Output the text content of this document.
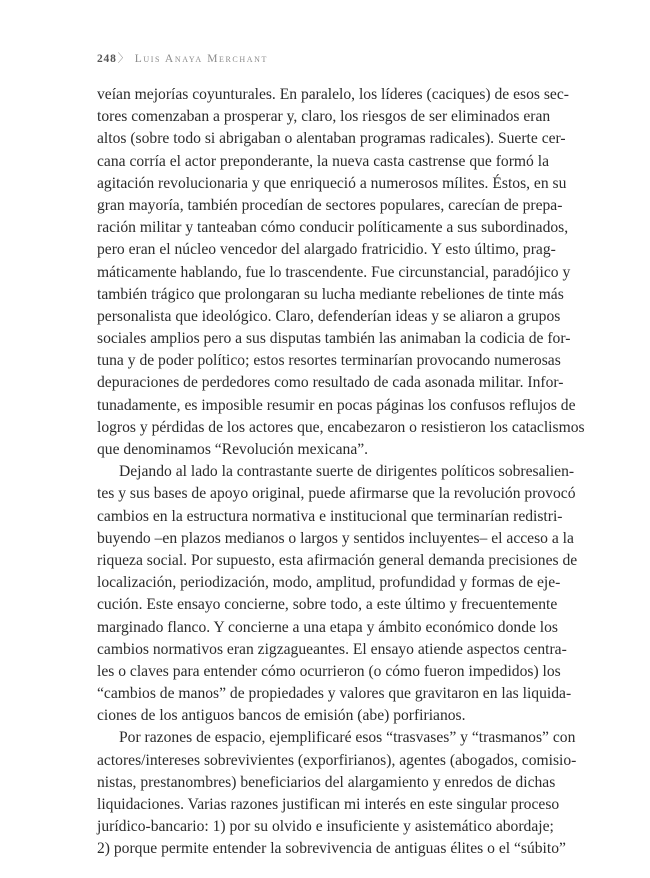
248〉 Luis Anaya Merchant
veían mejorías coyunturales. En paralelo, los líderes (caciques) de esos sec-
tores comenzaban a prosperar y, claro, los riesgos de ser eliminados eran
altos (sobre todo si abrigaban o alentaban programas radicales). Suerte cer-
cana corría el actor preponderante, la nueva casta castrense que formó la
agitación revolucionaria y que enriqueció a numerosos mílites. Éstos, en su
gran mayoría, también procedían de sectores populares, carecían de prepa-
ración militar y tanteaban cómo conducir políticamente a sus subordinados,
pero eran el núcleo vencedor del alargado fratricidio. Y esto último, prag-
máticamente hablando, fue lo trascendente. Fue circunstancial, paradójico y
también trágico que prolongaran su lucha mediante rebeliones de tinte más
personalista que ideológico. Claro, defenderían ideas y se aliaron a grupos
sociales amplios pero a sus disputas también las animaban la codicia de for-
tuna y de poder político; estos resortes terminarían provocando numerosas
depuraciones de perdedores como resultado de cada asonada militar. Infor-
tunadamente, es imposible resumir en pocas páginas los confusos reflujos de
logros y pérdidas de los actores que, encabezaron o resistieron los cataclismos
que denominamos “Revolución mexicana”.
Dejando al lado la contrastante suerte de dirigentes políticos sobresalien-
tes y sus bases de apoyo original, puede afirmarse que la revolución provocó
cambios en la estructura normativa e institucional que terminarían redistri-
buyendo –en plazos medianos o largos y sentidos incluyentes– el acceso a la
riqueza social. Por supuesto, esta afirmación general demanda precisiones de
localización, periodización, modo, amplitud, profundidad y formas de eje-
cución. Este ensayo concierne, sobre todo, a este último y frecuentemente
marginado flanco. Y concierne a una etapa y ámbito económico donde los
cambios normativos eran zigzagueantes. El ensayo atiende aspectos centra-
les o claves para entender cómo ocurrieron (o cómo fueron impedidos) los
“cambios de manos” de propiedades y valores que gravitaron en las liquida-
ciones de los antiguos bancos de emisión (abe) porfirianos.
Por razones de espacio, ejemplificaré esos “trasvases” y “trasmanos” con
actores/intereses sobrevivientes (exporfirianos), agentes (abogados, comisio-
nistas, prestanombres) beneficiarios del alargamiento y enredos de dichas
liquidaciones. Varias razones justifican mi interés en este singular proceso
jurídico-bancario: 1) por su olvido e insuficiente y asistemático abordaje;
2) porque permite entender la sobrevivencia de antiguas élites o el “súbito”
